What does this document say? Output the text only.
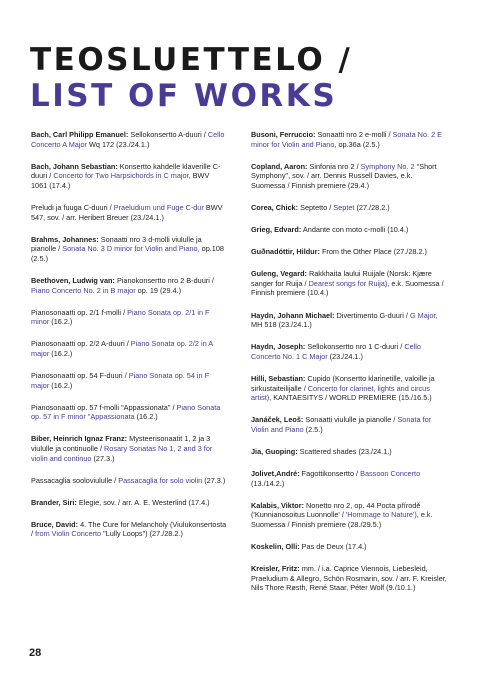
TEOSLUETTELO /
LIST OF WORKS

Bach, Carl Philipp Emanuel: Sellokonsertto A-duuri / Cello Concerto A Major Wq 172 (23./24.1.)

Bach, Johann Sebastian: Konsertto kahdelle klaverille C-duuri / Concerto for Two Harpsichords in C major, BWV 1061 (17.4.)

Preludi ja fuuga C-duuri / Praeludium und Fuge C-dur BWV 547, sov. / arr. Heribert Breuer (23./24.1.)

Brahms, Johannes: Sonaatti nro 3 d-molli viululle ja pianolle / Sonata No. 3 D minor for Violin and Piano, op.108 (2.5.)

Beethoven, Ludwig van: Pianokonsertto nro 2 B-duuri / Piano Concerto No. 2 in B major op. 19 (29.4.)

Pianosonaatti op. 2/1 f-molli / Piano Sonata op. 2/1 in F minor (16.2.)

Pianosonaatti op. 2/2 A-duuri / Piano Sonata op. 2/2 in A major (16.2.)

Pianosonaatti op. 54 F-duuri / Piano Sonata op. 54 in F major (16.2.)

Pianosonaatti op. 57 f-molli "Appassionata" / Piano Sonata op. 57 in F minor "Appassionata (16.2.)

Biber, Heinrich Ignaz Franz: Mysteerisonaatit 1, 2 ja 3 viululle ja continuolle / Rosary Sonatas No 1, 2 and 3 for violin and continuo (27.3.)

Passacaglia sooloviululle / Passacaglia for solo violin (27.3.)

Brander, Siri: Elegie, sov. / arr. A. E. Westerlind (17.4.)

Bruce, David: 4. The Cure for Melancholy (Viulukonsertosta / from Violin Concerto "Lully Loops") (27./28.2.)

Busoni, Ferruccio: Sonaatti nro 2 e-molli / Sonata No. 2 E minor for Violin and Piano, op.36a (2.5.)

Copland, Aaron: Sinfonia nro 2 / Symphony No. 2 "Short Symphony", sov. / arr. Dennis Russell Davies, e.k. Suomessa / Finnish premiere (29.4.)

Corea, Chick: Septetto / Septet (27./28.2.)

Grieg, Edvard: Andante con moto c-molli (10.4.)

Guðnadóttir, Hildur: From the Other Place (27./28.2.)

Guleng, Vegard: Rakkhaita laului Ruijale (Norsk: Kjære sanger for Ruija / Dearest songs for Ruija), e.k. Suomessa / Finnish premiere (10.4.)

Haydn, Johann Michael: Divertimento G-duuri / G Major, MH 518 (23./24.1.)

Haydn, Joseph: Sellokonsertto nro 1 C-duuri / Cello Concerto No. 1 C Major (23./24.1.)

Hilli, Sebastian: Cupido (Konsertto klarinetille, valoille ja sirkustaiteilijalle / Concerto for clarinet, lights and circus artist), KANTAESITYS / WORLD PREMIERE (15./16.5.)

Janáček, Leoš: Sonaatti viululle ja pianolle / Sonata for Violin and Piano (2.5.)

Jia, Guoping: Scattered shades (23./24.1.)

Jolivet,André: Fagottikonsertto / Bassoon Concerto (13./14.2.)

Kalabis, Viktor: Nonetto nro 2, op. 44 Pocta přírodě ('Kunnianosoitus Luonnolle' / 'Hommage to Nature'), e.k. Suomessa / Finnish premiere (28./29.5.)

Koskelin, Olli: Pas de Deux (17.4.)

Kreisler, Fritz: mm. / i.a. Caprice Viennois, Liebesleid, Praeludium & Allegro, Schön Rosmarin, sov. / arr. F. Kreisler, Nils Thore Røsth, René Staar, Péter Wolf (9./10.1.)

28
